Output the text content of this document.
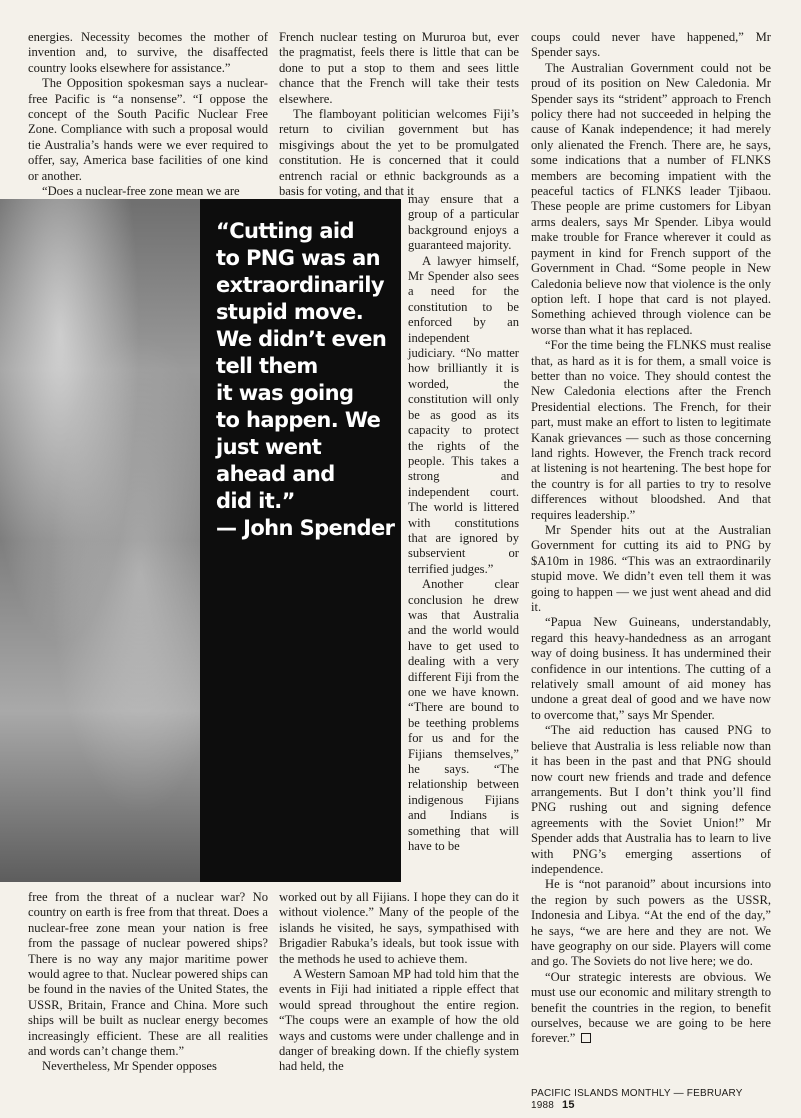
energies. Necessity becomes the mother of invention and, to survive, the disaffected country looks elsewhere for assistance.”

The Opposition spokesman says a nuclear-free Pacific is “a nonsense”. “I oppose the concept of the South Pacific Nuclear Free Zone. Compliance with such a proposal would tie Australia’s hands were we ever required to offer, say, America base facilities of one kind or another.

“Does a nuclear-free zone mean we are

French nuclear testing on Mururoa but, ever the pragmatist, feels there is little that can be done to put a stop to them and sees little chance that the French will take their tests elsewhere.

The flamboyant politician welcomes Fiji’s return to civilian government but has misgivings about the yet to be promulgated constitution. He is concerned that it could entrench racial or ethnic backgrounds as a basis for voting, and that it

“Cutting aid
to PNG was an
extraordinarily
stupid move.
We didn’t even
tell them
it was going
to happen. We
just went
ahead and
did it.”
— John Spender

may ensure that a group of a particular background enjoys a guaranteed majority.

A lawyer himself, Mr Spender also sees a need for the constitution to be enforced by an independent judiciary. “No matter how brilliantly it is worded, the constitution will only be as good as its capacity to protect the rights of the people. This takes a strong and independent court. The world is littered with constitutions that are ignored by subservient or terrified judges.”

Another clear conclusion he drew was that Australia and the world would have to get used to dealing with a very different Fiji from the one we have known. “There are bound to be teething problems for us and for the Fijians themselves,” he says. “The relationship between indigenous Fijians and Indians is something that will have to be

free from the threat of a nuclear war? No country on earth is free from that threat. Does a nuclear-free zone mean your nation is free from the passage of nuclear powered ships? There is no way any major maritime power would agree to that. Nuclear powered ships can be found in the navies of the United States, the USSR, Britain, France and China. More such ships will be built as nuclear energy becomes increasingly efficient. These are all realities and words can’t change them.”

Nevertheless, Mr Spender opposes

worked out by all Fijians. I hope they can do it without violence.” Many of the people of the islands he visited, he says, sympathised with Brigadier Rabuka’s ideals, but took issue with the methods he used to achieve them.

A Western Samoan MP had told him that the events in Fiji had initiated a ripple effect that would spread throughout the entire region. “The coups were an example of how the old ways and customs were under challenge and in danger of breaking down. If the chiefly system had held, the

coups could never have happened,” Mr Spender says.

The Australian Government could not be proud of its position on New Caledonia. Mr Spender says its “strident” approach to French policy there had not succeeded in helping the cause of Kanak independence; it had merely only alienated the French. There are, he says, some indications that a number of FLNKS members are becoming impatient with the peaceful tactics of FLNKS leader Tjibaou. These people are prime customers for Libyan arms dealers, says Mr Spender. Libya would make trouble for France wherever it could as payment in kind for French support of the Government in Chad. “Some people in New Caledonia believe now that violence is the only option left. I hope that card is not played. Something achieved through violence can be worse than what it has replaced.

“For the time being the FLNKS must realise that, as hard as it is for them, a small voice is better than no voice. They should contest the New Caledonia elections after the French Presidential elections. The French, for their part, must make an effort to listen to legitimate Kanak grievances — such as those concerning land rights. However, the French track record at listening is not heartening. The best hope for the country is for all parties to try to resolve differences without bloodshed. And that requires leadership.”

Mr Spender hits out at the Australian Government for cutting its aid to PNG by $A10m in 1986. “This was an extraordinarily stupid move. We didn’t even tell them it was going to happen — we just went ahead and did it.

“Papua New Guineans, understandably, regard this heavy-handedness as an arrogant way of doing business. It has undermined their confidence in our intentions. The cutting of a relatively small amount of aid money has undone a great deal of good and we have now to overcome that,” says Mr Spender.

“The aid reduction has caused PNG to believe that Australia is less reliable now than it has been in the past and that PNG should now court new friends and trade and defence arrangements. But I don’t think you’ll find PNG rushing out and signing defence agreements with the Soviet Union!” Mr Spender adds that Australia has to learn to live with PNG’s emerging assertions of independence.

He is “not paranoid” about incursions into the region by such powers as the USSR, Indonesia and Libya. “At the end of the day,” he says, “we are here and they are not. We have geography on our side. Players will come and go. The Soviets do not live here; we do.

“Our strategic interests are obvious. We must use our economic and military strength to benefit the countries in the region, to benefit ourselves, because we are going to be here forever.”

PACIFIC ISLANDS MONTHLY — FEBRUARY 1988 15
